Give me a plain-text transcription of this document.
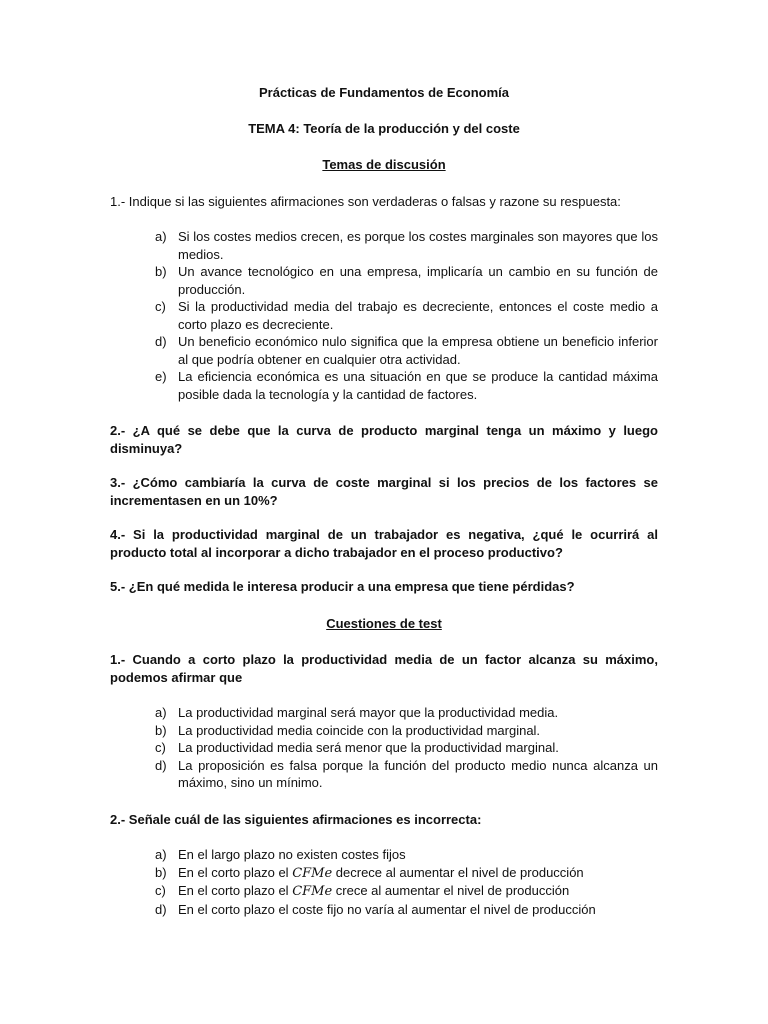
Prácticas de Fundamentos de Economía
TEMA 4: Teoría de la producción y del coste
Temas de discusión

1.- Indique si las siguientes afirmaciones son verdaderas o falsas y razone su respuesta:

a) Si los costes medios crecen, es porque los costes marginales son mayores que los medios.
b) Un avance tecnológico en una empresa, implicaría un cambio en su función de producción.
c) Si la productividad media del trabajo es decreciente, entonces el coste medio a corto plazo es decreciente.
d) Un beneficio económico nulo significa que la empresa obtiene un beneficio inferior al que podría obtener en cualquier otra actividad.
e) La eficiencia económica es una situación en que se produce la cantidad máxima posible dada la tecnología y la cantidad de factores.

2.- ¿A qué se debe que la curva de producto marginal tenga un máximo y luego disminuya?

3.- ¿Cómo cambiaría la curva de coste marginal si los precios de los factores se incrementasen en un 10%?

4.- Si la productividad marginal de un trabajador es negativa, ¿qué le ocurrirá al producto total al incorporar a dicho trabajador en el proceso productivo?

5.- ¿En qué medida le interesa producir a una empresa que tiene pérdidas?

Cuestiones de test

1.- Cuando a corto plazo la productividad media de un factor alcanza su máximo, podemos afirmar que

a) La productividad marginal será mayor que la productividad media.
b) La productividad media coincide con la productividad marginal.
c) La productividad media será menor que la productividad marginal.
d) La proposición es falsa porque la función del producto medio nunca alcanza un máximo, sino un mínimo.

2.- Señale cuál de las siguientes afirmaciones es incorrecta:

a) En el largo plazo no existen costes fijos
b) En el corto plazo el CFMe decrece al aumentar el nivel de producción
c) En el corto plazo el CFMe crece al aumentar el nivel de producción
d) En el corto plazo el coste fijo no varía al aumentar el nivel de producción
